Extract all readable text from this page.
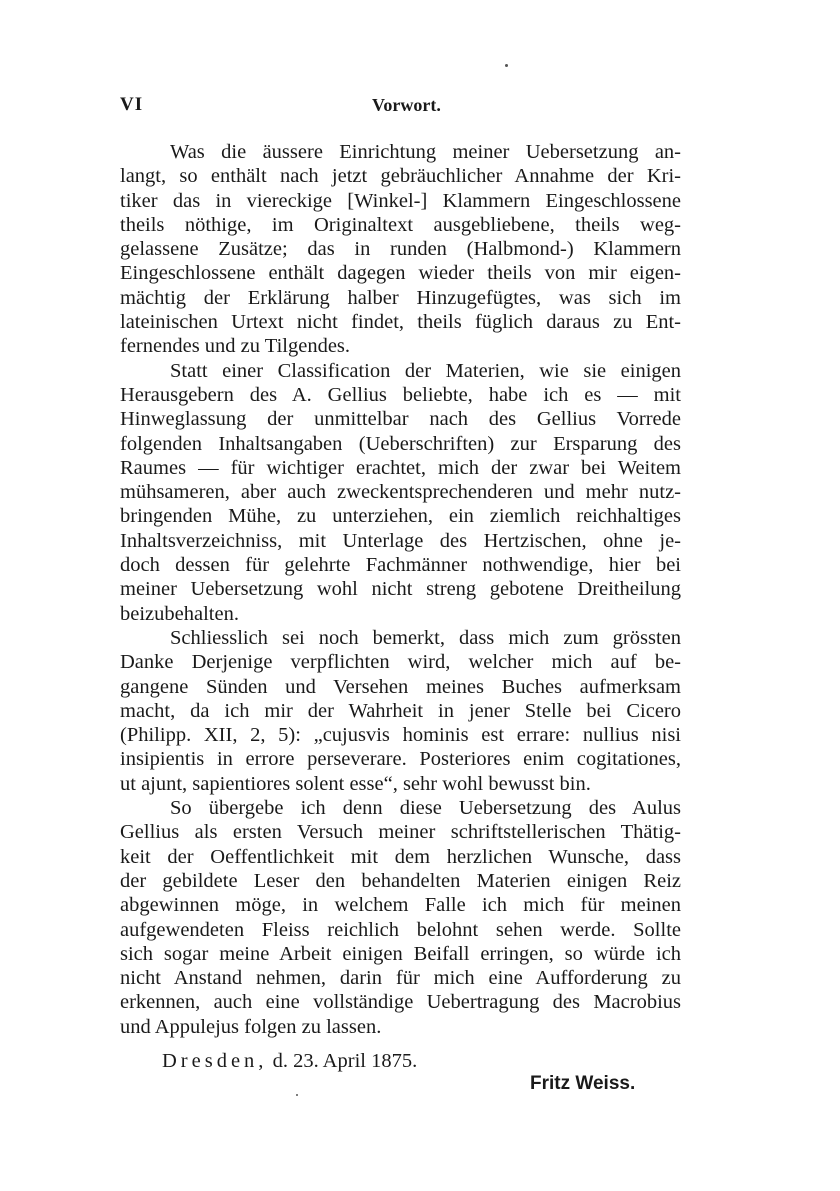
VI	Vorwort.
Was die äussere Einrichtung meiner Uebersetzung an-
langt, so enthält nach jetzt gebräuchlicher Annahme der Kri-
tiker das in viereckige [Winkel-] Klammern Eingeschlossene
theils nöthige, im Originaltext ausgebliebene, theils weg-
gelassene Zusätze; das in runden (Halbmond-) Klammern
Eingeschlossene enthält dagegen wieder theils von mir eigen-
mächtig der Erklärung halber Hinzugefügtes, was sich im
lateinischen Urtext nicht findet, theils füglich daraus zu Ent-
fernendes und zu Tilgendes.
Statt einer Classification der Materien, wie sie einigen
Herausgebern des A. Gellius beliebte, habe ich es — mit
Hinweglassung der unmittelbar nach des Gellius Vorrede
folgenden Inhaltsangaben (Ueberschriften) zur Ersparung des
Raumes — für wichtiger erachtet, mich der zwar bei Weitem
mühsameren, aber auch zweckentsprechenderen und mehr nutz-
bringenden Mühe, zu unterziehen, ein ziemlich reichhaltiges
Inhaltsverzeichniss, mit Unterlage des Hertzischen, ohne je-
doch dessen für gelehrte Fachmänner nothwendige, hier bei
meiner Uebersetzung wohl nicht streng gebotene Dreitheilung
beizubehalten.
Schliesslich sei noch bemerkt, dass mich zum grössten
Danke Derjenige verpflichten wird, welcher mich auf be-
gangene Sünden und Versehen meines Buches aufmerksam
macht, da ich mir der Wahrheit in jener Stelle bei Cicero
(Philipp. XII, 2, 5): „cujusvis hominis est errare: nullius nisi
insipientis in errore perseverare. Posteriores enim cogitationes,
ut ajunt, sapientiores solent esse“, sehr wohl bewusst bin.
So übergebe ich denn diese Uebersetzung des Aulus
Gellius als ersten Versuch meiner schriftstellerischen Thätig-
keit der Oeffentlichkeit mit dem herzlichen Wunsche, dass
der gebildete Leser den behandelten Materien einigen Reiz
abgewinnen möge, in welchem Falle ich mich für meinen
aufgewendeten Fleiss reichlich belohnt sehen werde. Sollte
sich sogar meine Arbeit einigen Beifall erringen, so würde ich
nicht Anstand nehmen, darin für mich eine Aufforderung zu
erkennen, auch eine vollständige Uebertragung des Macrobius
und Appulejus folgen zu lassen.
Dresden, d. 23. April 1875.
Fritz Weiss.
